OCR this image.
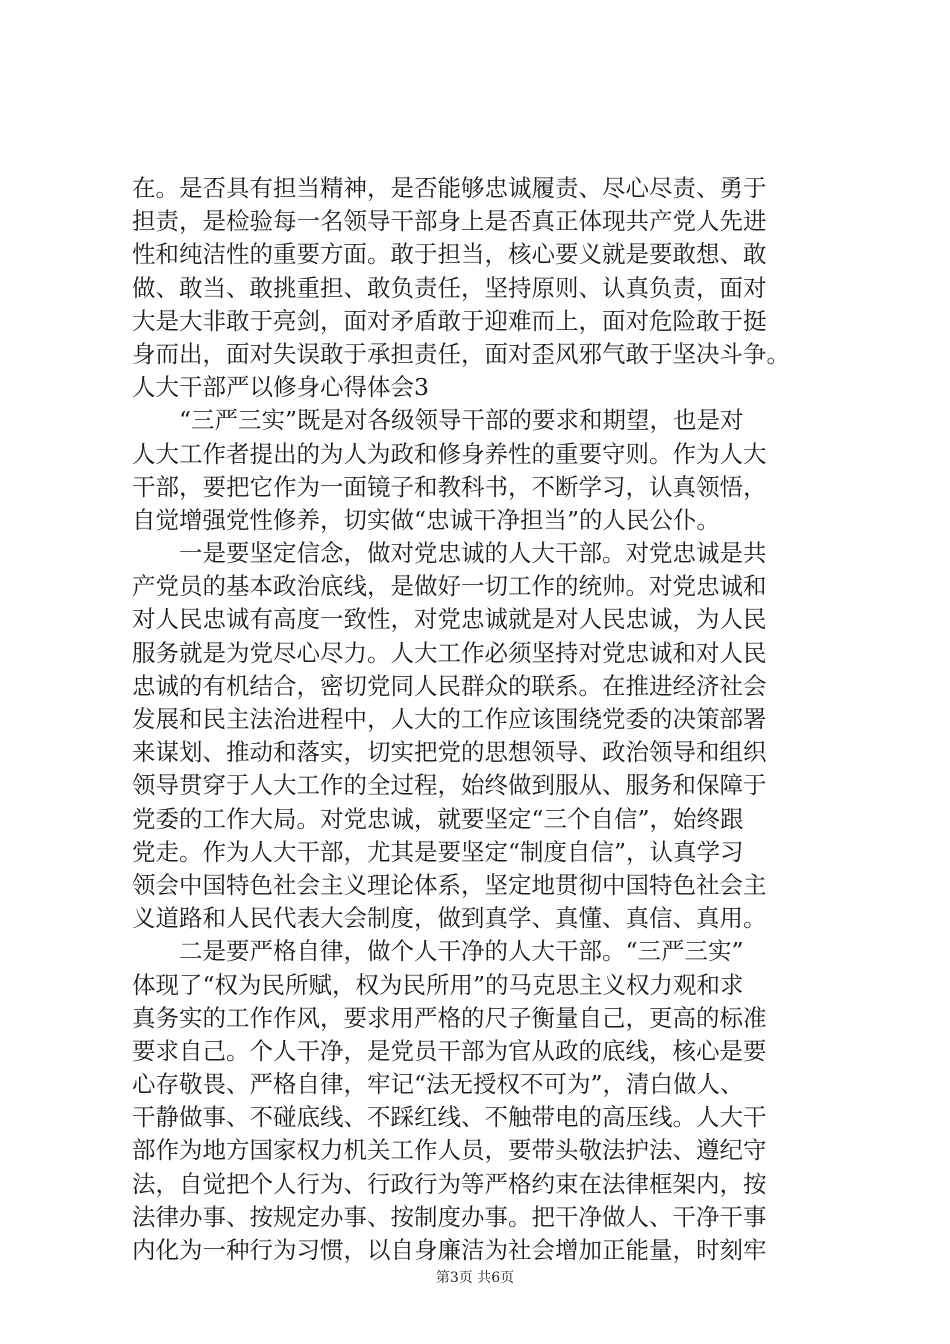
在。是否具有担当精神，是否能够忠诚履责、尽心尽责、勇于
担责，是检验每一名领导干部身上是否真正体现共产党人先进
性和纯洁性的重要方面。敢于担当，核心要义就是要敢想、敢
做、敢当、敢挑重担、敢负责任，坚持原则、认真负责，面对
大是大非敢于亮剑，面对矛盾敢于迎难而上，面对危险敢于挺
身而出，面对失误敢于承担责任，面对歪风邪气敢于坚决斗争。
人大干部严以修身心得体会3
　　“三严三实”既是对各级领导干部的要求和期望，也是对
人大工作者提出的为人为政和修身养性的重要守则。作为人大
干部，要把它作为一面镜子和教科书，不断学习，认真领悟，
自觉增强党性修养，切实做“忠诚干净担当”的人民公仆。
　　一是要坚定信念，做对党忠诚的人大干部。对党忠诚是共
产党员的基本政治底线，是做好一切工作的统帅。对党忠诚和
对人民忠诚有高度一致性，对党忠诚就是对人民忠诚，为人民
服务就是为党尽心尽力。人大工作必须坚持对党忠诚和对人民
忠诚的有机结合，密切党同人民群众的联系。在推进经济社会
发展和民主法治进程中，人大的工作应该围绕党委的决策部署
来谋划、推动和落实，切实把党的思想领导、政治领导和组织
领导贯穿于人大工作的全过程，始终做到服从、服务和保障于
党委的工作大局。对党忠诚，就要坚定“三个自信”，始终跟
党走。作为人大干部，尤其是要坚定“制度自信”，认真学习
领会中国特色社会主义理论体系，坚定地贯彻中国特色社会主
义道路和人民代表大会制度，做到真学、真懂、真信、真用。
　　二是要严格自律，做个人干净的人大干部。“三严三实”
体现了“权为民所赋，权为民所用”的马克思主义权力观和求
真务实的工作作风，要求用严格的尺子衡量自己，更高的标准
要求自己。个人干净，是党员干部为官从政的底线，核心是要
心存敬畏、严格自律，牢记“法无授权不可为”，清白做人、
干静做事、不碰底线、不踩红线、不触带电的高压线。人大干
部作为地方国家权力机关工作人员，要带头敬法护法、遵纪守
法，自觉把个人行为、行政行为等严格约束在法律框架内，按
法律办事、按规定办事、按制度办事。把干净做人、干净干事
内化为一种行为习惯，以自身廉洁为社会增加正能量，时刻牢
第3页 共6页
